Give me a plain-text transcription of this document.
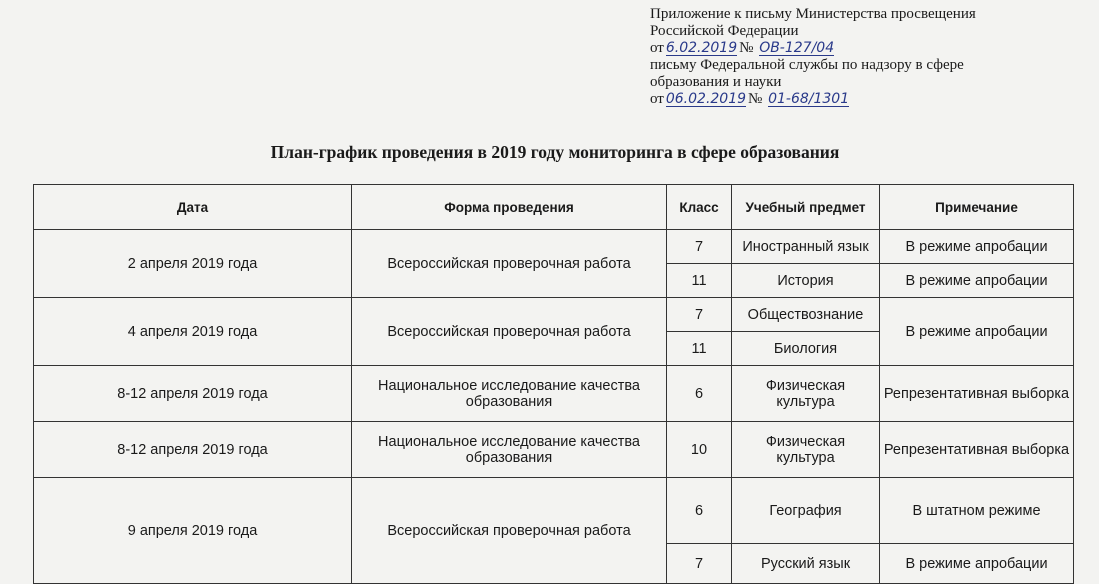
Приложение к письму Министерства просвещения
Российской Федерации
от 6.02.2019 № ОВ-127/04
письму Федеральной службы по надзору в сфере
образования и науки
от 06.02.2019 № 01-68/1301
План-график проведения в 2019 году мониторинга в сфере образования
Дата	Форма проведения	Класс	Учебный предмет	Примечание
2 апреля 2019 года	Всероссийская проверочная работа	7	Иностранный язык	В режиме апробации
		11	История	В режиме апробации
4 апреля 2019 года	Всероссийская проверочная работа	7	Обществознание	В режиме апробации
		11	Биология	
8-12 апреля 2019 года	Национальное исследование качества образования	6	Физическая культура	Репрезентативная выборка
8-12 апреля 2019 года	Национальное исследование качества образования	10	Физическая культура	Репрезентативная выборка
9 апреля 2019 года	Всероссийская проверочная работа	6	География	В штатном режиме
		7	Русский язык	В режиме апробации
